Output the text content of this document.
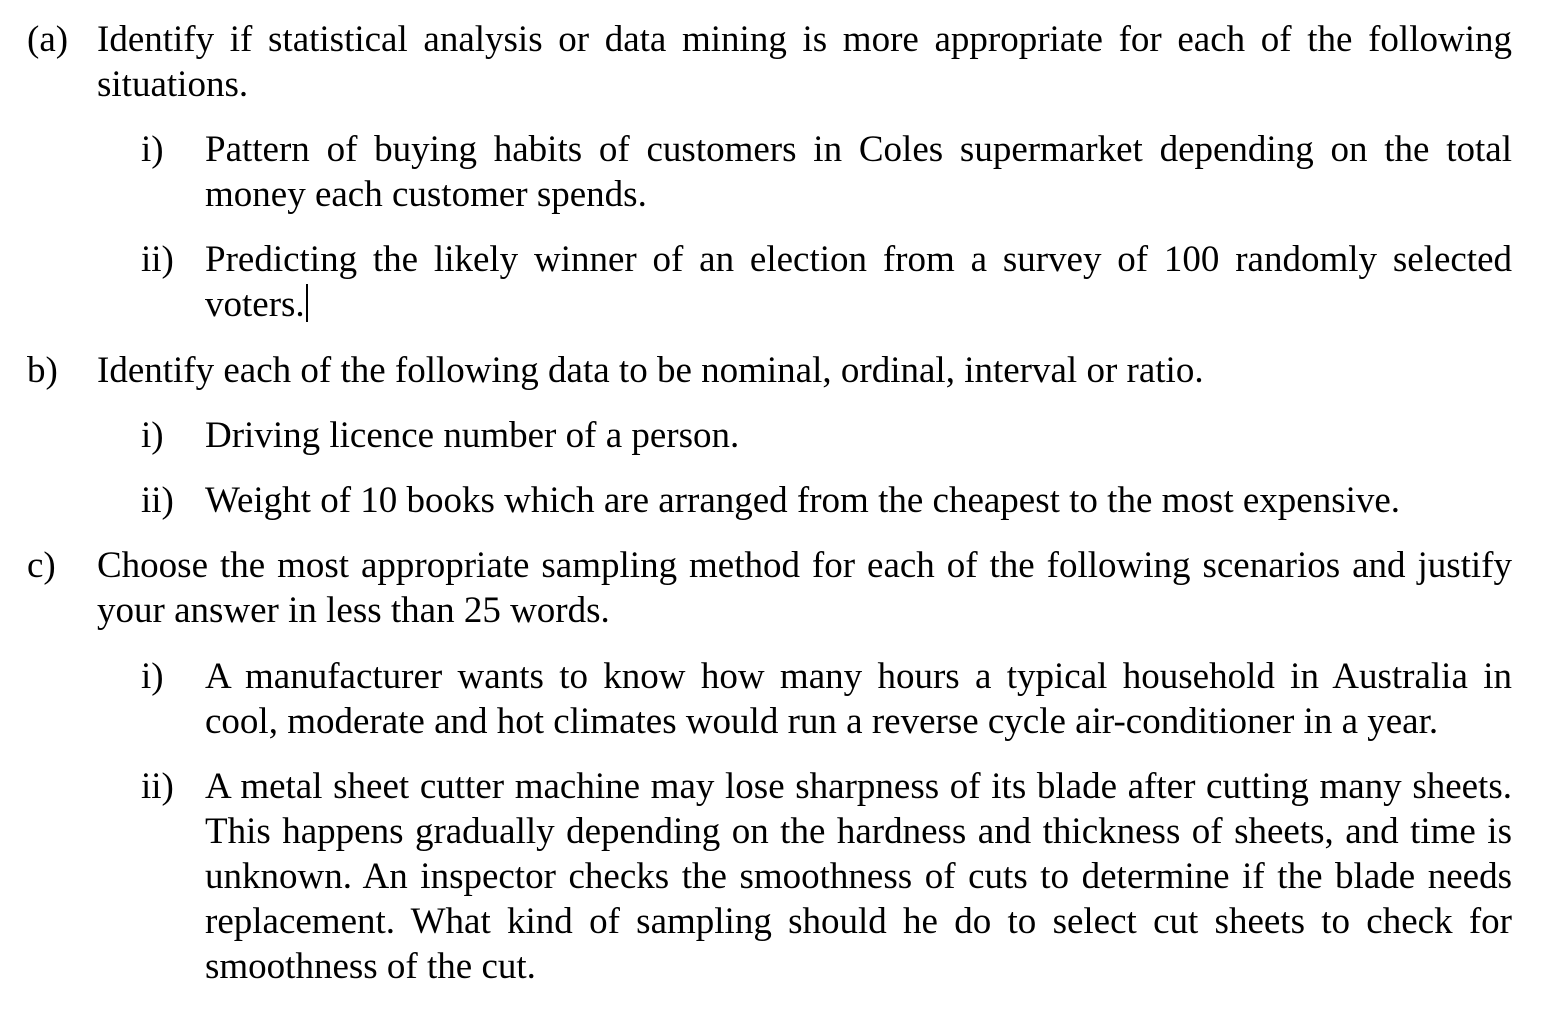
(a) Identify if statistical analysis or data mining is more appropriate for each of the following situations.
i) Pattern of buying habits of customers in Coles supermarket depending on the total money each customer spends.
ii) Predicting the likely winner of an election from a survey of 100 randomly selected voters.
b) Identify each of the following data to be nominal, ordinal, interval or ratio.
i) Driving licence number of a person.
ii) Weight of 10 books which are arranged from the cheapest to the most expensive.
c) Choose the most appropriate sampling method for each of the following scenarios and justify your answer in less than 25 words.
i) A manufacturer wants to know how many hours a typical household in Australia in cool, moderate and hot climates would run a reverse cycle air-conditioner in a year.
ii) A metal sheet cutter machine may lose sharpness of its blade after cutting many sheets. This happens gradually depending on the hardness and thickness of sheets, and time is unknown. An inspector checks the smoothness of cuts to determine if the blade needs replacement. What kind of sampling should he do to select cut sheets to check for smoothness of the cut.
